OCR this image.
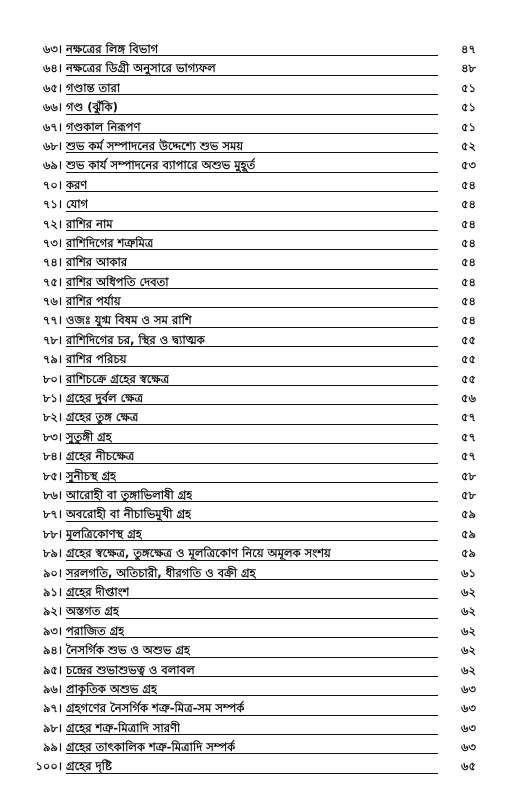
৬৩। নক্ষত্রের লিঙ্গ বিভাগ	৪৭
৬৪। নক্ষত্রের ডিগ্রী অনুসারে ভাগ্যফল	৪৮
৬৫। গণ্ডান্ত তারা	৫১
৬৬। গণ্ড (ঝুঁকি)	৫১
৬৭। গণ্ডকাল নিরূপণ	৫১
৬৮। শুভ কর্ম সম্পাদনের উদ্দেশ্যে শুভ সময়	৫২
৬৯। শুভ কার্য সম্পাদনের ব্যাপারে অশুভ মুহূর্ত	৫৩
৭০। করণ	৫৪
৭১। যোগ	৫৪
৭২। রাশির নাম	৫৪
৭৩। রাশিদিগের শত্রুমিত্র	৫৪
৭৪। রাশির আকার	৫৪
৭৫। রাশির অধিপতি দেবতা	৫৪
৭৬। রাশির পর্যায়	৫৪
৭৭। ওজঃ যুগ্ম বিষম ও সম রাশি	৫৪
৭৮। রাশিদিগের চর, স্থির ও দ্ব্যাত্মক	৫৫
৭৯। রাশির পরিচয়	৫৫
৮০। রাশিচক্রে গ্রহের স্বক্ষেত্র	৫৫
৮১। গ্রহের দুর্বল ক্ষেত্র	৫৬
৮২। গ্রহের তুঙ্গ ক্ষেত্র	৫৭
৮৩। সুতুঙ্গী গ্রহ	৫৭
৮৪। গ্রহের নীচক্ষেত্র	৫৭
৮৫। সুনীচস্থ গ্রহ	৫৮
৮৬। আরোহী বা তুঙ্গাভিলাষী গ্রহ	৫৮
৮৭। অবরোহী বা নীচাভিমুখী গ্রহ	৫৯
৮৮। মূলত্রিকোণস্থ গ্রহ	৫৯
৮৯। গ্রহের স্বক্ষেত্র, তুঙ্গক্ষেত্র ও মূলত্রিকোণ নিয়ে অমূলক সংশয়	৫৯
৯০। সরলগতি, অতিচারী, ধীরগতি ও বক্রী গ্রহ	৬১
৯১। গ্রহের দীপ্তাংশ	৬২
৯২। অস্তগত গ্রহ	৬২
৯৩। পরাজিত গ্রহ	৬২
৯৪। নৈসর্গিক শুভ ও অশুভ গ্রহ	৬২
৯৫। চন্দ্রের শুভাশুভত্ব ও বলাবল	৬২
৯৬। প্রাকৃতিক অশুভ গ্রহ	৬৩
৯৭। গ্রহগণের নৈসর্গিক শত্রু-মিত্র-সম সম্পর্ক	৬৩
৯৮। গ্রহের শত্রু-মিত্রাদি সারণী	৬৩
৯৯। গ্রহের তাৎকালিক শত্রু-মিত্রাদি সম্পর্ক	৬৩
১০০। গ্রহের দৃষ্টি	৬৫
